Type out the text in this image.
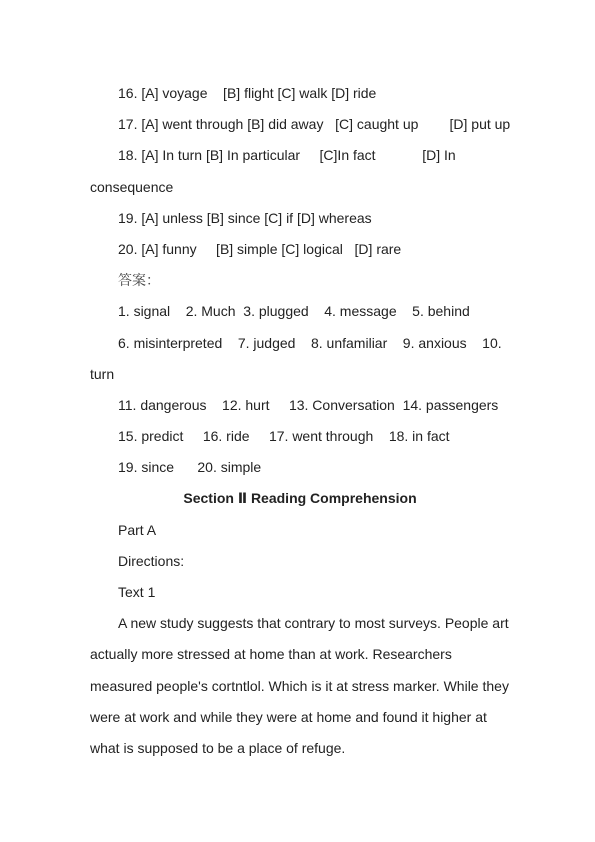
16. [A] voyage    [B] flight [C] walk [D] ride
17. [A] went through [B] did away   [C] caught up        [D] put up
18. [A] In turn [B] In particular     [C]In fact            [D] In
consequence
19. [A] unless [B] since [C] if [D] whereas
20. [A] funny     [B] simple [C] logical   [D] rare
答案：
1. signal    2. Much  3. plugged    4. message    5. behind
6. misinterpreted    7. judged    8. unfamiliar    9. anxious    10.
turn
11. dangerous    12. hurt     13. Conversation  14. passengers
15. predict     16. ride     17. went through    18. in fact
19. since      20. simple
Section Ⅱ Reading Comprehension
Part A
Directions:
Text 1
A new study suggests that contrary to most surveys. People art actually more stressed at home than at work. Researchers measured people's cortntlol. Which is it at stress marker. While they were at work and while they were at home and found it higher at what is supposed to be a place of refuge.
